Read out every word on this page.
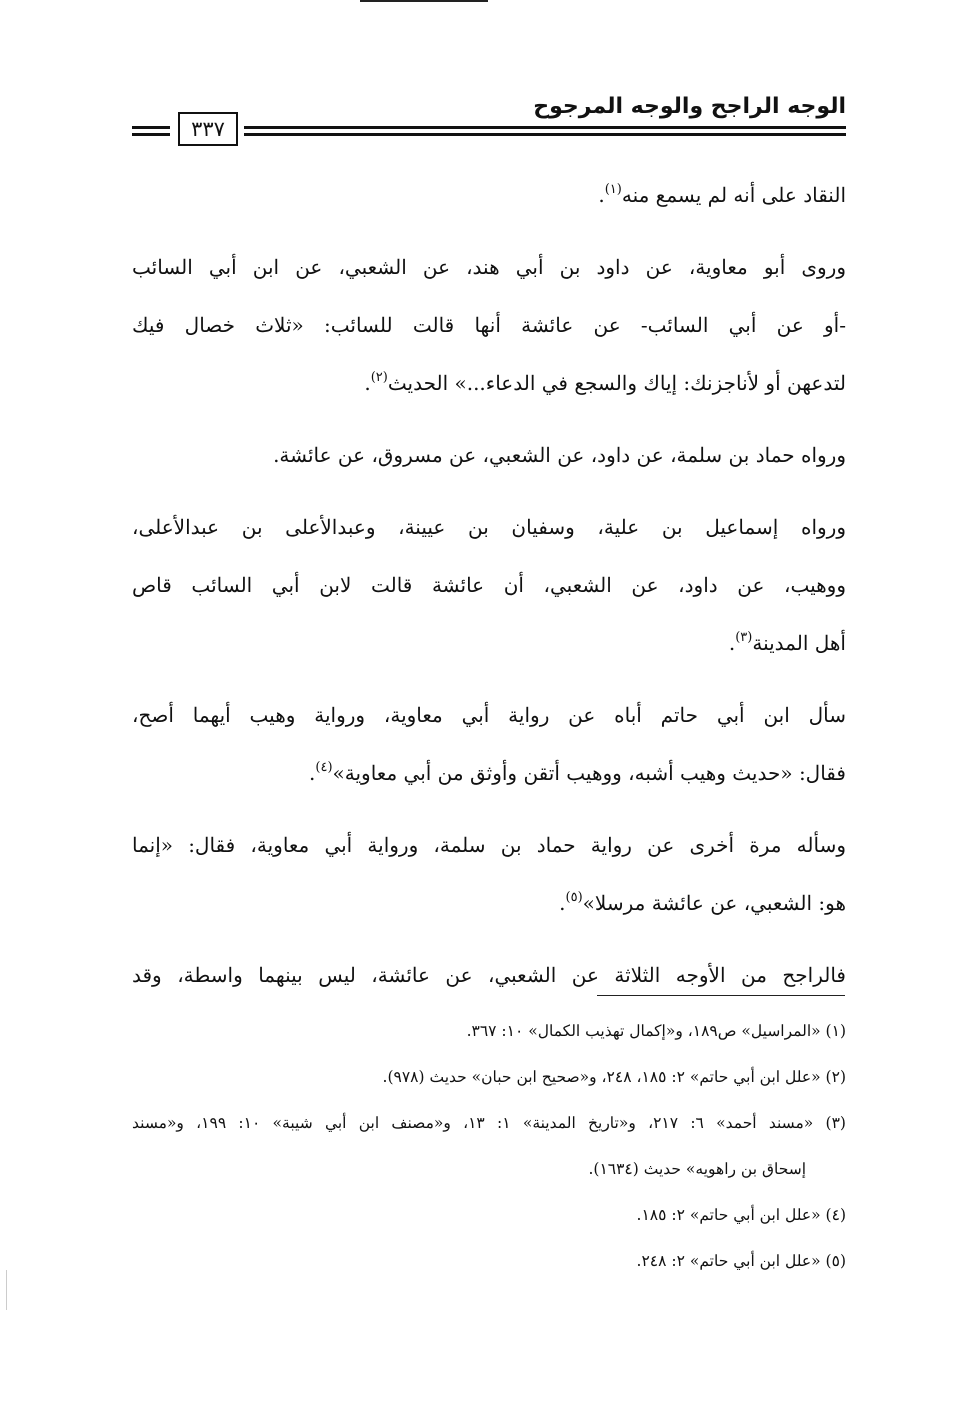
الوجه الراجح والوجه المرجوح
٣٣٧

النقاد على أنه لم يسمع منه$^{(١)}$.

وروى أبو معاوية، عن داود بن أبي هند، عن الشعبي، عن ابن أبي السائب
-أو عن أبي السائب- عن عائشة أنها قالت للسائب: «ثلاث خصال فيك
لتدعهن أو لأناجزنك: إياك والسجع في الدعاء...» الحديث$^{(٢)}$.

ورواه حماد بن سلمة، عن داود، عن الشعبي، عن مسروق، عن عائشة.

ورواه إسماعيل بن علية، وسفيان بن عيينة، وعبدالأعلى بن عبدالأعلى،
ووهيب، عن داود، عن الشعبي، أن عائشة قالت لابن أبي السائب قاص
أهل المدينة$^{(٣)}$.

سأل ابن أبي حاتم أباه عن رواية أبي معاوية، ورواية وهيب أيهما أصح،
فقال: «حديث وهيب أشبه، ووهيب أتقن وأوثق من أبي معاوية»$^{(٤)}$.

وسأله مرة أخرى عن رواية حماد بن سلمة، ورواية أبي معاوية، فقال: «إنما
هو: الشعبي، عن عائشة مرسلا»$^{(٥)}$.

فالراجح من الأوجه الثلاثة عن الشعبي، عن عائشة، ليس بينهما واسطة، وقد

(١) «المراسيل» ص١٨٩، و«إكمال تهذيب الكمال» ١٠: ٣٦٧.
(٢) «علل ابن أبي حاتم» ٢: ١٨٥، ٢٤٨، و«صحيح ابن حبان» حديث (٩٧٨).
(٣) «مسند أحمد» ٦: ٢١٧، و«تاريخ المدينة» ١: ١٣، و«مصنف ابن أبي شيبة» ١٠: ١٩٩، و«مسند
إسحاق بن راهويه» حديث (١٦٣٤).
(٤) «علل ابن أبي حاتم» ٢: ١٨٥.
(٥) «علل ابن أبي حاتم» ٢: ٢٤٨.
